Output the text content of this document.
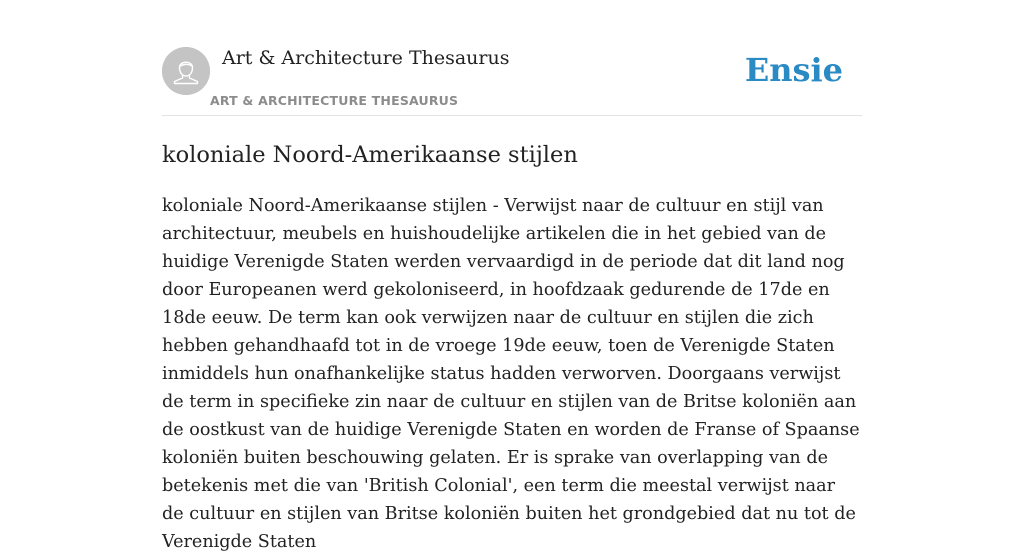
Art & Architecture Thesaurus
ART & ARCHITECTURE THESAURUS
Ensie
koloniale Noord-Amerikaanse stijlen

koloniale Noord-Amerikaanse stijlen - Verwijst naar de cultuur en stijl van architectuur, meubels en huishoudelijke artikelen die in het gebied van de huidige Verenigde Staten werden vervaardigd in de periode dat dit land nog door Europeanen werd gekoloniseerd, in hoofdzaak gedurende de 17de en 18de eeuw. De term kan ook verwijzen naar de cultuur en stijlen die zich hebben gehandhaafd tot in de vroege 19de eeuw, toen de Verenigde Staten inmiddels hun onafhankelijke status hadden verworven. Doorgaans verwijst de term in specifieke zin naar de cultuur en stijlen van de Britse koloniën aan de oostkust van de huidige Verenigde Staten en worden de Franse of Spaanse koloniën buiten beschouwing gelaten. Er is sprake van overlapping van de betekenis met die van 'British Colonial', een term die meestal verwijst naar de cultuur en stijlen van Britse koloniën buiten het grondgebied dat nu tot de Verenigde Staten
